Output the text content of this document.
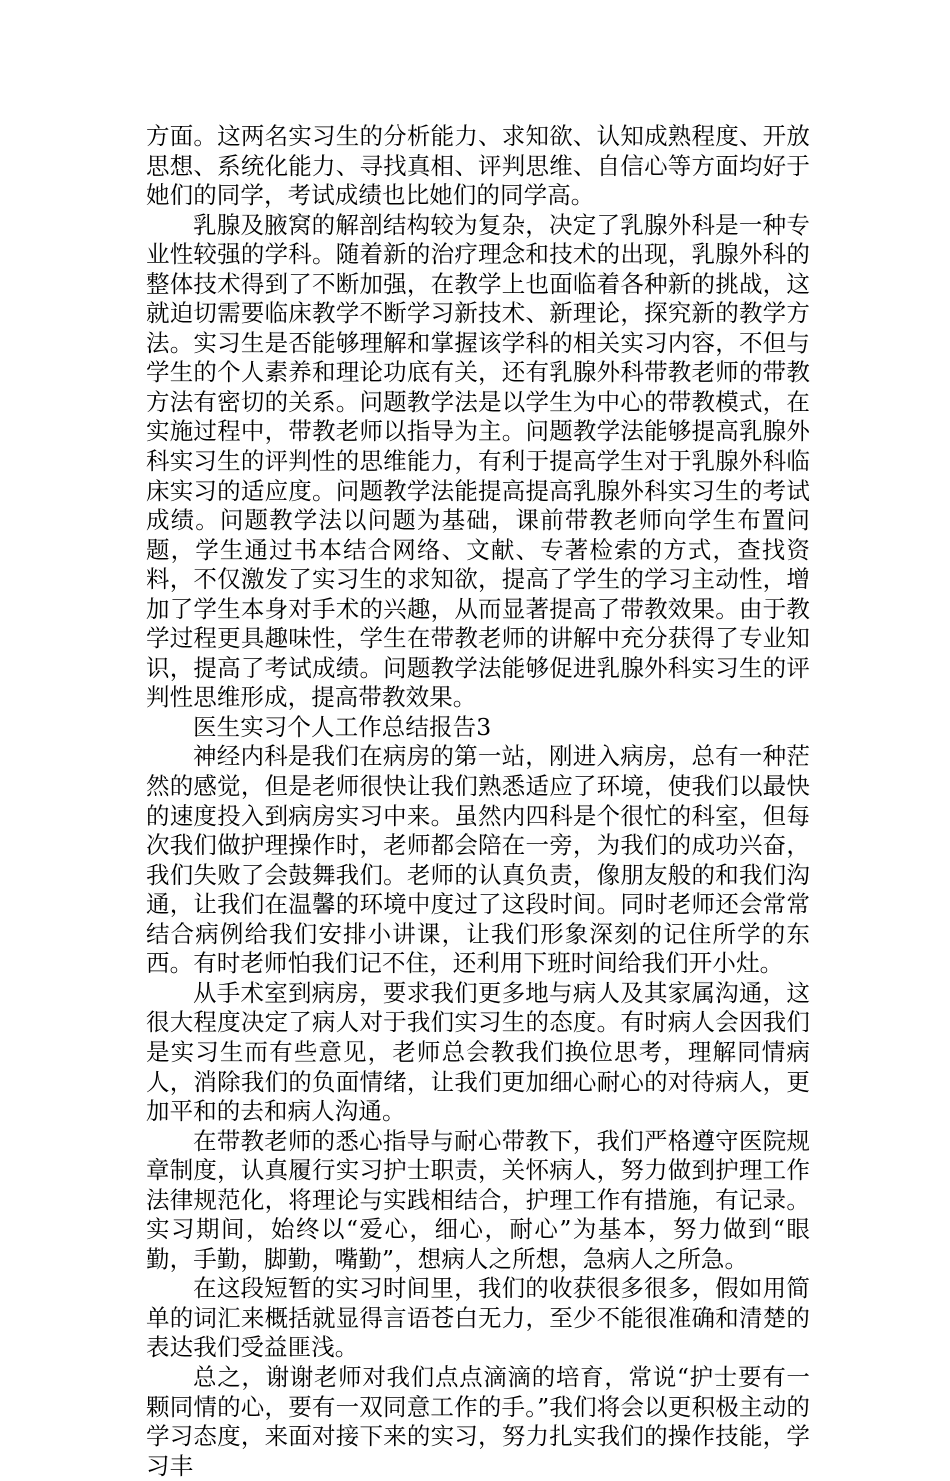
方面。这两名实习生的分析能力、求知欲、认知成熟程度、开放思想、系统化能力、寻找真相、评判思维、自信心等方面均好于她们的同学，考试成绩也比她们的同学高。

乳腺及腋窝的解剖结构较为复杂，决定了乳腺外科是一种专业性较强的学科。随着新的治疗理念和技术的出现，乳腺外科的整体技术得到了不断加强，在教学上也面临着各种新的挑战，这就迫切需要临床教学不断学习新技术、新理论，探究新的教学方法。实习生是否能够理解和掌握该学科的相关实习内容，不但与学生的个人素养和理论功底有关，还有乳腺外科带教老师的带教方法有密切的关系。问题教学法是以学生为中心的带教模式，在实施过程中，带教老师以指导为主。问题教学法能够提高乳腺外科实习生的评判性的思维能力，有利于提高学生对于乳腺外科临床实习的适应度。问题教学法能提高提高乳腺外科实习生的考试成绩。问题教学法以问题为基础，课前带教老师向学生布置问题，学生通过书本结合网络、文献、专著检索的方式，查找资料，不仅激发了实习生的求知欲，提高了学生的学习主动性，增加了学生本身对手术的兴趣，从而显著提高了带教效果。由于教学过程更具趣味性，学生在带教老师的讲解中充分获得了专业知识，提高了考试成绩。问题教学法能够促进乳腺外科实习生的评判性思维形成，提高带教效果。

医生实习个人工作总结报告3

神经内科是我们在病房的第一站，刚进入病房，总有一种茫然的感觉，但是老师很快让我们熟悉适应了环境，使我们以最快的速度投入到病房实习中来。虽然内四科是个很忙的科室，但每次我们做护理操作时，老师都会陪在一旁，为我们的成功兴奋，我们失败了会鼓舞我们。老师的认真负责，像朋友般的和我们沟通，让我们在温馨的环境中度过了这段时间。同时老师还会常常结合病例给我们安排小讲课，让我们形象深刻的记住所学的东西。有时老师怕我们记不住，还利用下班时间给我们开小灶。

从手术室到病房，要求我们更多地与病人及其家属沟通，这很大程度决定了病人对于我们实习生的态度。有时病人会因我们是实习生而有些意见，老师总会教我们换位思考，理解同情病人，消除我们的负面情绪，让我们更加细心耐心的对待病人，更加平和的去和病人沟通。

在带教老师的悉心指导与耐心带教下，我们严格遵守医院规章制度，认真履行实习护士职责，关怀病人，努力做到护理工作法律规范化，将理论与实践相结合，护理工作有措施，有记录。实习期间，始终以“爱心，细心，耐心”为基本，努力做到“眼勤，手勤，脚勤，嘴勤”，想病人之所想，急病人之所急。

在这段短暂的实习时间里，我们的收获很多很多，假如用简单的词汇来概括就显得言语苍白无力，至少不能很准确和清楚的表达我们受益匪浅。

总之，谢谢老师对我们点点滴滴的培育，常说“护士要有一颗同情的心，要有一双同意工作的手。”我们将会以更积极主动的学习态度，来面对接下来的实习，努力扎实我们的操作技能，学习丰
